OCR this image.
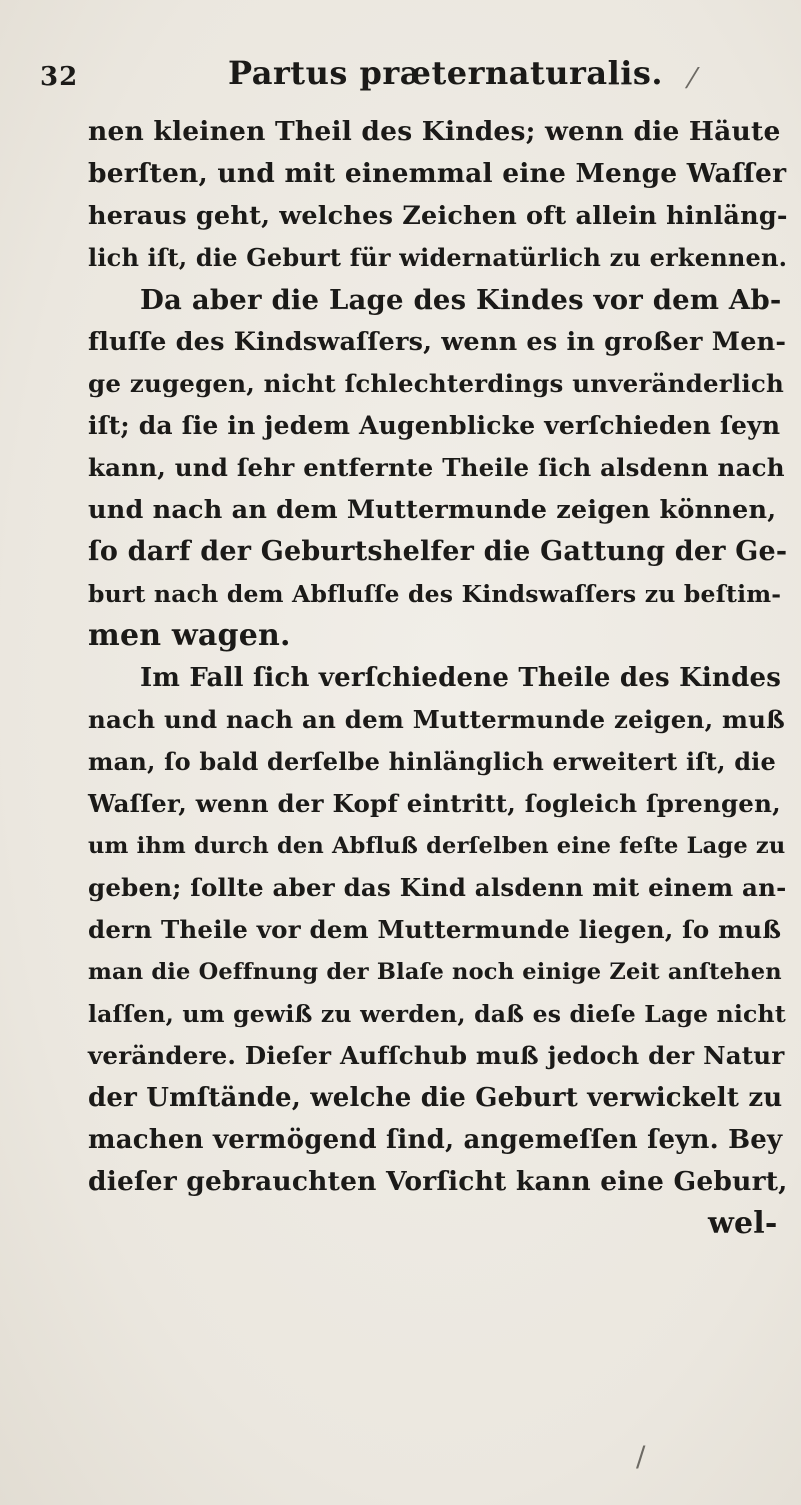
32	Partus præternaturalis. ⁄
nen kleinen Theil des Kindes; wenn die Häute
berſten, und mit einemmal eine Menge Waſſer
heraus geht, welches Zeichen oft allein hinläng-
lich iſt, die Geburt für widernatürlich zu erkennen.
Da aber die Lage des Kindes vor dem Ab-
fluſſe des Kindswaſſers, wenn es in großer Men-
ge zugegen, nicht ſchlechterdings unveränderlich
iſt; da ſie in jedem Augenblicke verſchieden ſeyn
kann, und ſehr entfernte Theile ſich alsdenn nach
und nach an dem Muttermunde zeigen können,
ſo darf der Geburtshelfer die Gattung der Ge-
burt nach dem Abfluſſe des Kindswaſſers zu beſtim-
men wagen.
Im Fall ſich verſchiedene Theile des Kindes
nach und nach an dem Muttermunde zeigen, muß
man, ſo bald derſelbe hinlänglich erweitert iſt, die
Waſſer, wenn der Kopf eintritt, ſogleich ſprengen,
um ihm durch den Abfluß derſelben eine feſte Lage zu
geben; ſollte aber das Kind alsdenn mit einem an-
dern Theile vor dem Muttermunde liegen, ſo muß
man die Oeffnung der Blaſe noch einige Zeit anſtehen
laſſen, um gewiß zu werden, daß es dieſe Lage nicht
verändere. Dieſer Aufſchub muß jedoch der Natur
der Umſtände, welche die Geburt verwickelt zu
machen vermögend ſind, angemeſſen ſeyn. Bey
dieſer gebrauchten Vorſicht kann eine Geburt,
wel-
/
